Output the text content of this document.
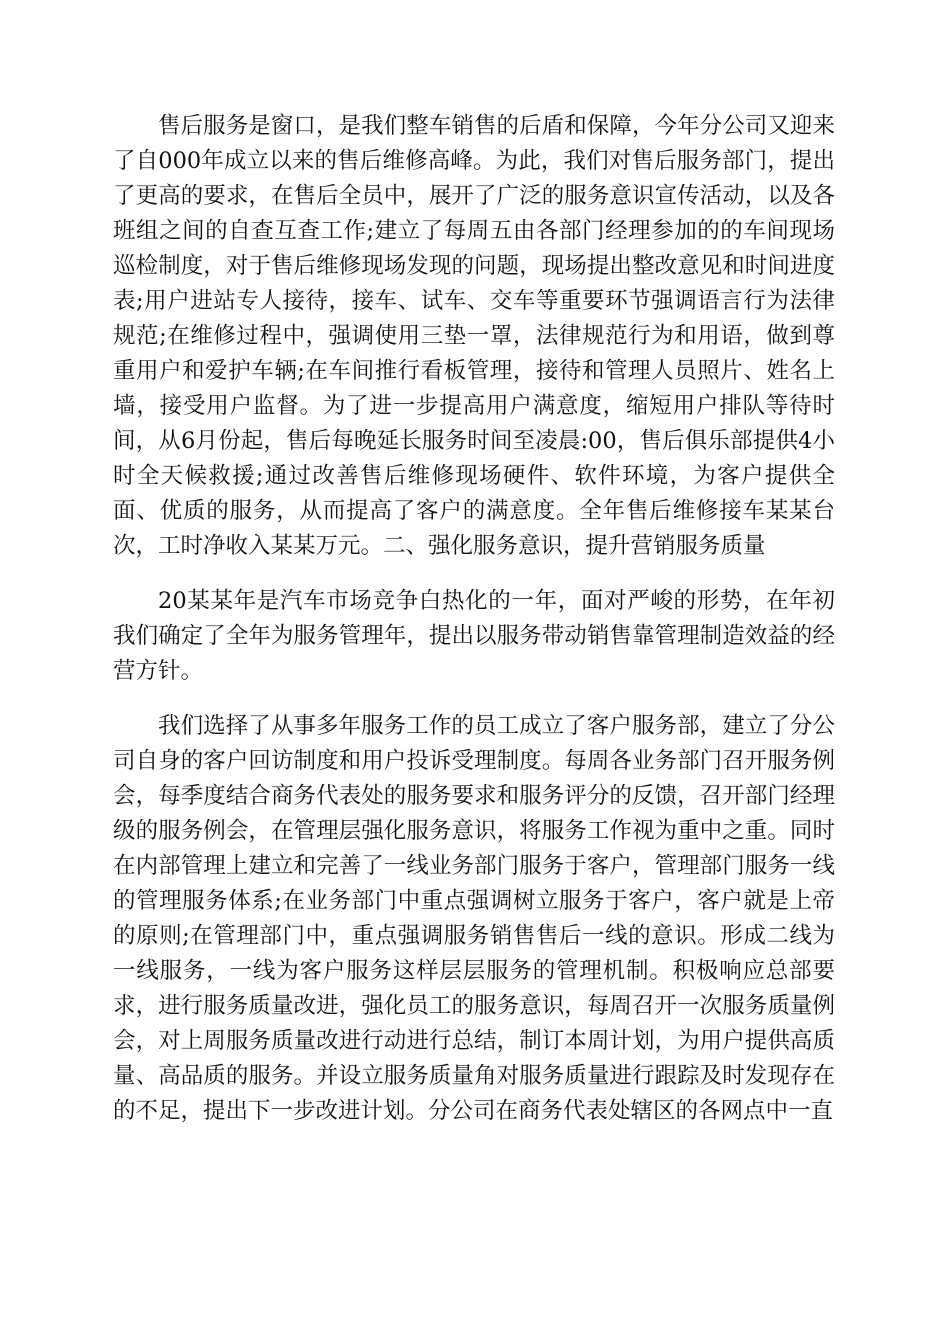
售后服务是窗口，是我们整车销售的后盾和保障，今年分公司又迎来了自000年成立以来的售后维修高峰。为此，我们对售后服务部门，提出了更高的要求，在售后全员中，展开了广泛的服务意识宣传活动，以及各班组之间的自查互查工作;建立了每周五由各部门经理参加的的车间现场巡检制度，对于售后维修现场发现的问题，现场提出整改意见和时间进度表;用户进站专人接待，接车、试车、交车等重要环节强调语言行为法律规范;在维修过程中，强调使用三垫一罩，法律规范行为和用语，做到尊重用户和爱护车辆;在车间推行看板管理，接待和管理人员照片、姓名上墙，接受用户监督。为了进一步提高用户满意度，缩短用户排队等待时间，从6月份起，售后每晚延长服务时间至凌晨:00，售后俱乐部提供4小时全天候救援;通过改善售后维修现场硬件、软件环境，为客户提供全面、优质的服务，从而提高了客户的满意度。全年售后维修接车某某台次，工时净收入某某万元。二、强化服务意识，提升营销服务质量

20某某年是汽车市场竞争白热化的一年，面对严峻的形势，在年初我们确定了全年为服务管理年，提出以服务带动销售靠管理制造效益的经营方针。

我们选择了从事多年服务工作的员工成立了客户服务部，建立了分公司自身的客户回访制度和用户投诉受理制度。每周各业务部门召开服务例会，每季度结合商务代表处的服务要求和服务评分的反馈，召开部门经理级的服务例会，在管理层强化服务意识，将服务工作视为重中之重。同时在内部管理上建立和完善了一线业务部门服务于客户，管理部门服务一线的管理服务体系;在业务部门中重点强调树立服务于客户，客户就是上帝的原则;在管理部门中，重点强调服务销售售后一线的意识。形成二线为一线服务，一线为客户服务这样层层服务的管理机制。积极响应总部要求，进行服务质量改进，强化员工的服务意识，每周召开一次服务质量例会，对上周服务质量改进行动进行总结，制订本周计划，为用户提供高质量、高品质的服务。并设立服务质量角对服务质量进行跟踪及时发现存在的不足，提出下一步改进计划。分公司在商务代表处辖区的各网点中一直
